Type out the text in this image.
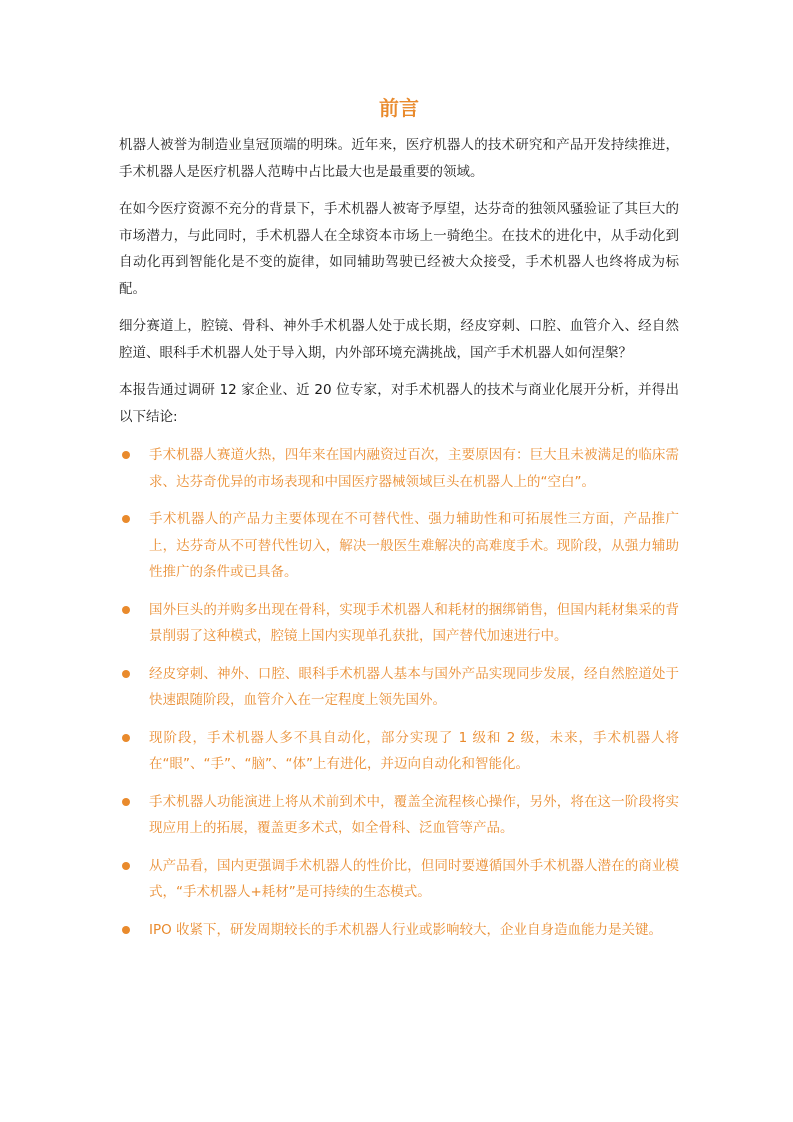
前言

机器人被誉为制造业皇冠顶端的明珠。近年来，医疗机器人的技术研究和产品开发持续推进，手术机器人是医疗机器人范畴中占比最大也是最重要的领域。

在如今医疗资源不充分的背景下，手术机器人被寄予厚望，达芬奇的独领风骚验证了其巨大的市场潜力，与此同时，手术机器人在全球资本市场上一骑绝尘。在技术的进化中，从手动化到自动化再到智能化是不变的旋律，如同辅助驾驶已经被大众接受，手术机器人也终将成为标配。

细分赛道上，腔镜、骨科、神外手术机器人处于成长期，经皮穿刺、口腔、血管介入、经自然腔道、眼科手术机器人处于导入期，内外部环境充满挑战，国产手术机器人如何涅槃？

本报告通过调研 12 家企业、近 20 位专家，对手术机器人的技术与商业化展开分析，并得出以下结论:

手术机器人赛道火热，四年来在国内融资过百次，主要原因有：巨大且未被满足的临床需求、达芬奇优异的市场表现和中国医疗器械领域巨头在机器人上的“空白”。
手术机器人的产品力主要体现在不可替代性、强力辅助性和可拓展性三方面，产品推广上，达芬奇从不可替代性切入，解决一般医生难解决的高难度手术。现阶段，从强力辅助性推广的条件或已具备。
国外巨头的并购多出现在骨科，实现手术机器人和耗材的捆绑销售，但国内耗材集采的背景削弱了这种模式，腔镜上国内实现单孔获批，国产替代加速进行中。
经皮穿刺、神外、口腔、眼科手术机器人基本与国外产品实现同步发展，经自然腔道处于快速跟随阶段，血管介入在一定程度上领先国外。
现阶段，手术机器人多不具自动化，部分实现了 1 级和 2 级，未来，手术机器人将在“眼”、“手”、“脑”、“体”上有进化，并迈向自动化和智能化。
手术机器人功能演进上将从术前到术中，覆盖全流程核心操作，另外，将在这一阶段将实现应用上的拓展，覆盖更多术式，如全骨科、泛血管等产品。
从产品看，国内更强调手术机器人的性价比，但同时要遵循国外手术机器人潜在的商业模式，“手术机器人+耗材”是可持续的生态模式。
IPO 收紧下，研发周期较长的手术机器人行业或影响较大，企业自身造血能力是关键。
